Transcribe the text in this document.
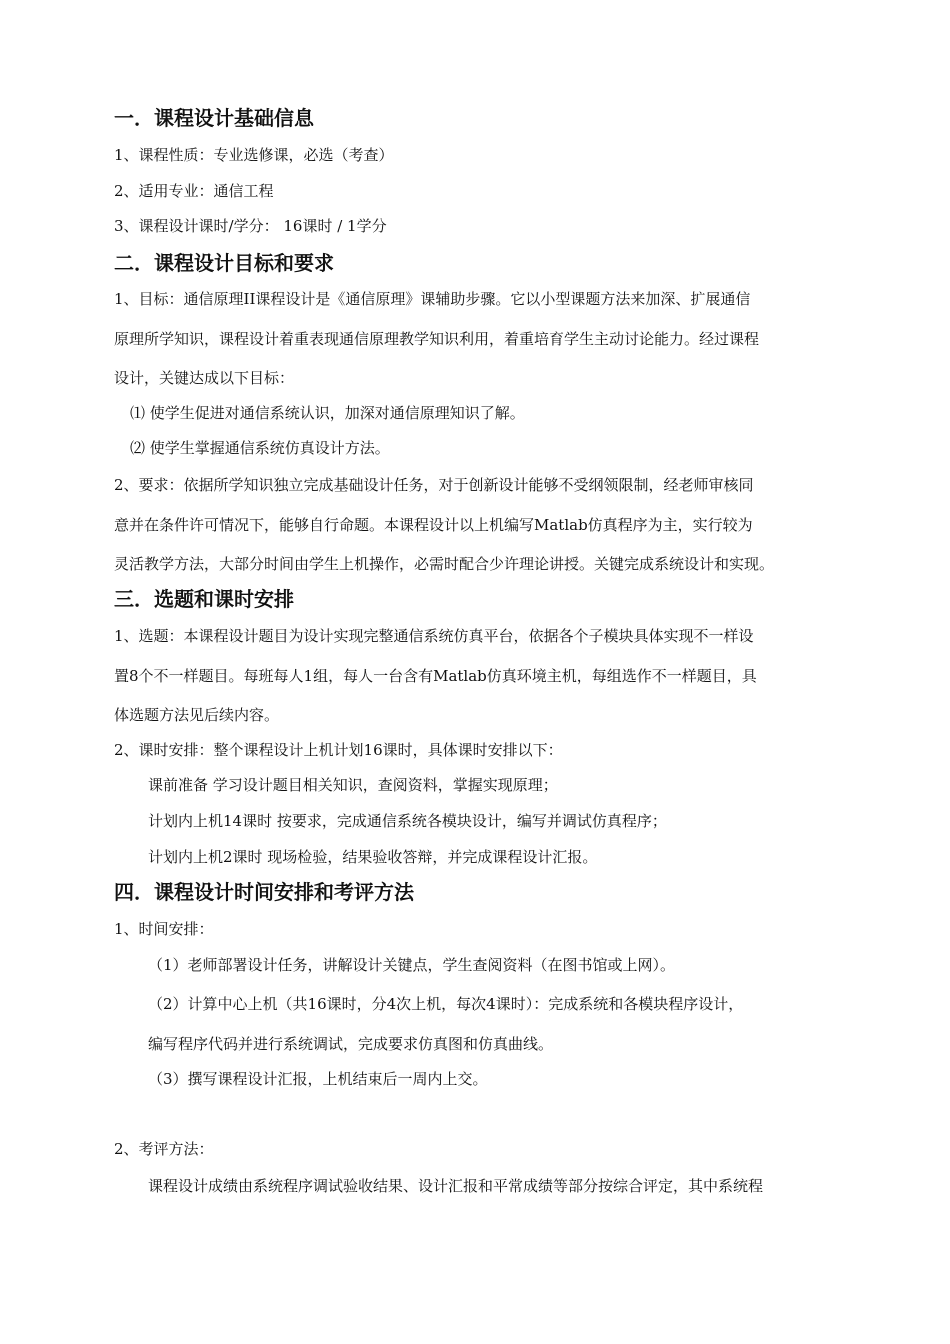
一．课程设计基础信息
1、课程性质：专业选修课，必选（考查）
2、适用专业：通信工程
3、课程设计课时/学分： 16课时 / 1学分
二．课程设计目标和要求
1、目标：通信原理II课程设计是《通信原理》课辅助步骤。它以小型课题方法来加深、扩展通信
原理所学知识，课程设计着重表现通信原理教学知识利用，着重培育学生主动讨论能力。经过课程
设计，关键达成以下目标：
⑴ 使学生促进对通信系统认识，加深对通信原理知识了解。
⑵ 使学生掌握通信系统仿真设计方法。
2、要求：依据所学知识独立完成基础设计任务，对于创新设计能够不受纲领限制，经老师审核同
意并在条件许可情况下，能够自行命题。本课程设计以上机编写Matlab仿真程序为主，实行较为
灵活教学方法，大部分时间由学生上机操作，必需时配合少许理论讲授。关键完成系统设计和实现。
三．选题和课时安排
1、选题：本课程设计题目为设计实现完整通信系统仿真平台，依据各个子模块具体实现不一样设
置8个不一样题目。每班每人1组，每人一台含有Matlab仿真环境主机，每组选作不一样题目，具
体选题方法见后续内容。
2、课时安排：整个课程设计上机计划16课时，具体课时安排以下：
课前准备 学习设计题目相关知识，查阅资料，掌握实现原理；
计划内上机14课时 按要求，完成通信系统各模块设计，编写并调试仿真程序；
计划内上机2课时 现场检验，结果验收答辩，并完成课程设计汇报。
四．课程设计时间安排和考评方法
1、时间安排：
（1）老师部署设计任务，讲解设计关键点，学生查阅资料（在图书馆或上网）。
（2）计算中心上机（共16课时，分4次上机，每次4课时）：完成系统和各模块程序设计，
编写程序代码并进行系统调试，完成要求仿真图和仿真曲线。
（3）撰写课程设计汇报，上机结束后一周内上交。
2、考评方法：
课程设计成绩由系统程序调试验收结果、设计汇报和平常成绩等部分按综合评定，其中系统程
